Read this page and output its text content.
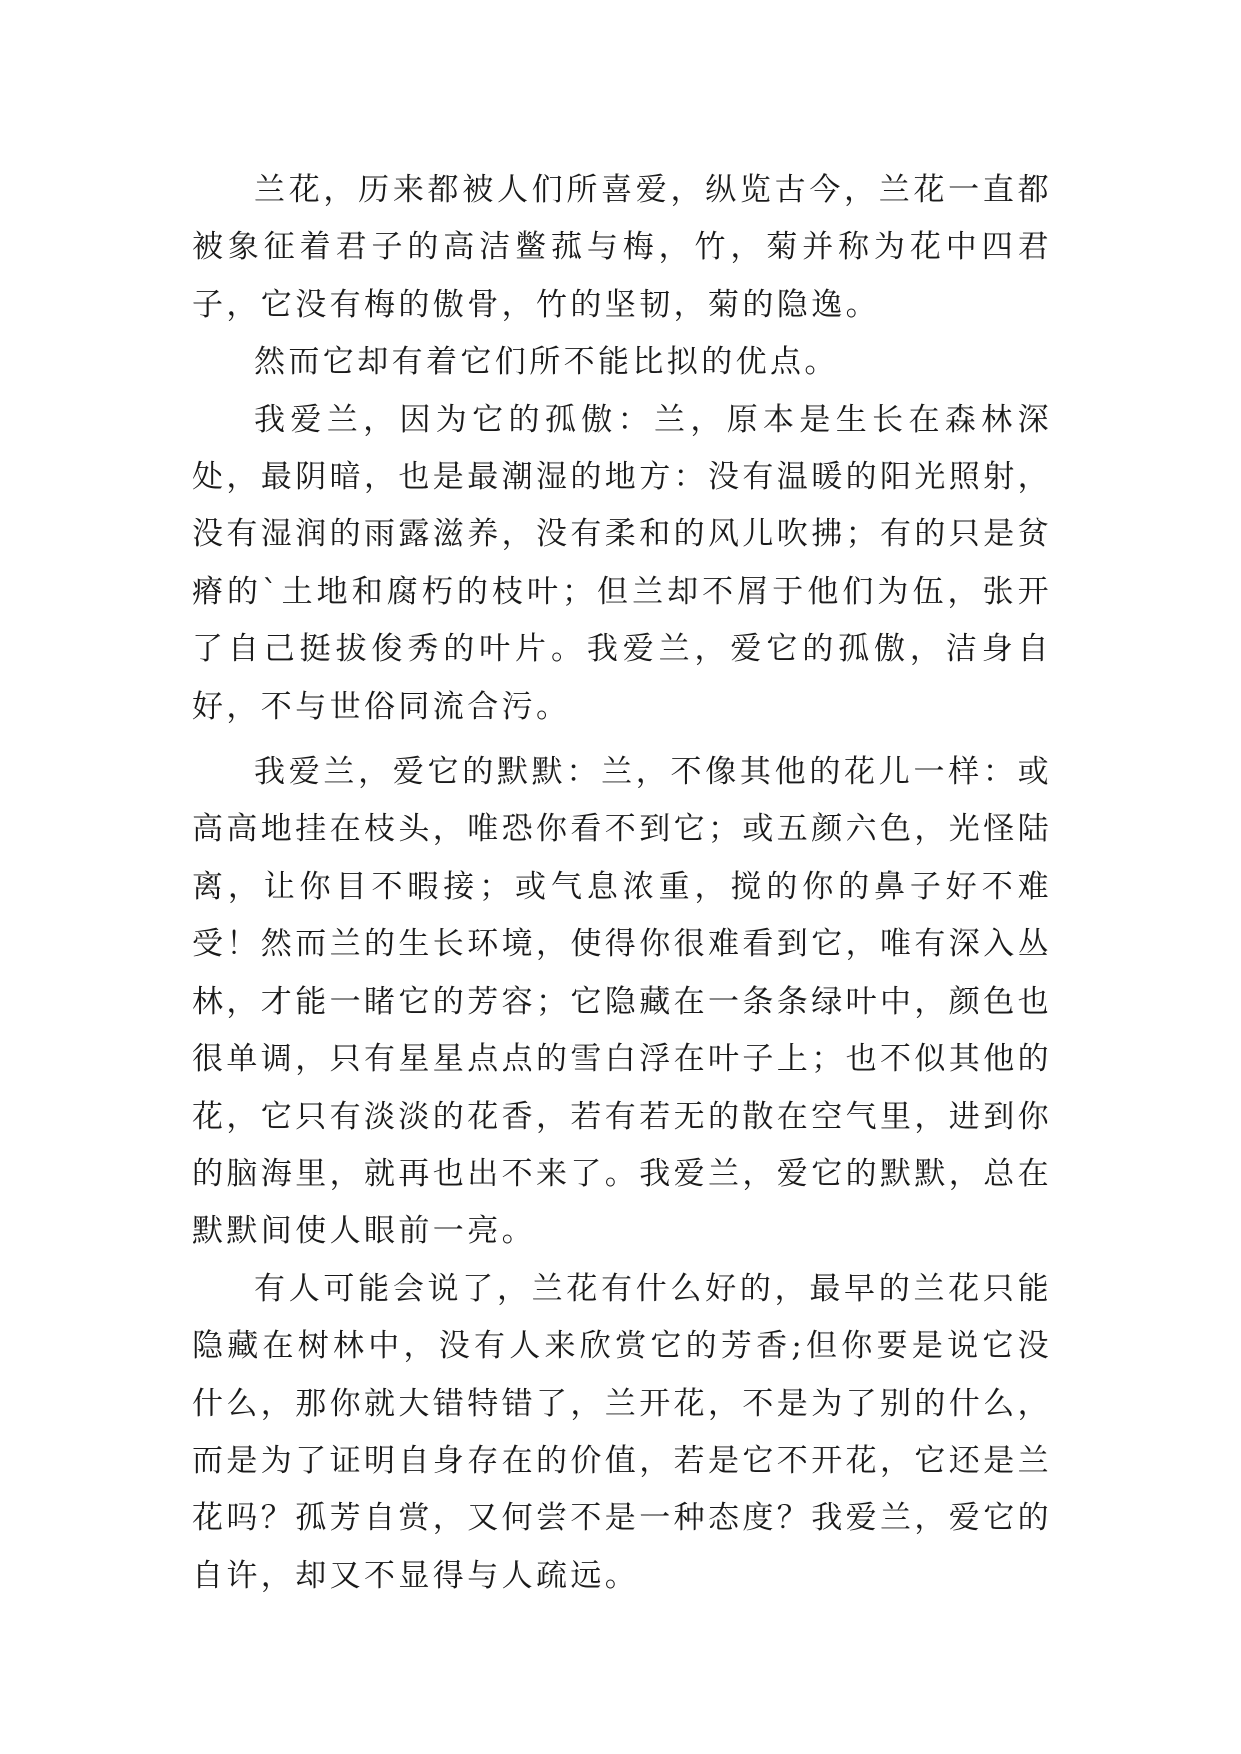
兰花，历来都被人们所喜爱，纵览古今，兰花一直都被象征着君子的高洁鳖菰与梅，竹，菊并称为花中四君子，它没有梅的傲骨，竹的坚韧，菊的隐逸。

然而它却有着它们所不能比拟的优点。

我爱兰，因为它的孤傲：兰，原本是生长在森林深处，最阴暗，也是最潮湿的地方：没有温暖的阳光照射，没有湿润的雨露滋养，没有柔和的风儿吹拂；有的只是贫瘠的`土地和腐朽的枝叶；但兰却不屑于他们为伍，张开了自己挺拔俊秀的叶片。我爱兰，爱它的孤傲，洁身自好，不与世俗同流合污。

我爱兰，爱它的默默：兰，不像其他的花儿一样：或高高地挂在枝头，唯恐你看不到它；或五颜六色，光怪陆离，让你目不暇接；或气息浓重，搅的你的鼻子好不难受！然而兰的生长环境，使得你很难看到它，唯有深入丛林，才能一睹它的芳容；它隐藏在一条条绿叶中，颜色也很单调，只有星星点点的雪白浮在叶子上；也不似其他的花，它只有淡淡的花香，若有若无的散在空气里，进到你的脑海里，就再也出不来了。我爱兰，爱它的默默，总在默默间使人眼前一亮。

有人可能会说了，兰花有什么好的，最早的兰花只能隐藏在树林中，没有人来欣赏它的芳香;但你要是说它没什么，那你就大错特错了，兰开花，不是为了别的什么，而是为了证明自身存在的价值，若是它不开花，它还是兰花吗？孤芳自赏，又何尝不是一种态度？我爱兰，爱它的自许，却又不显得与人疏远。
